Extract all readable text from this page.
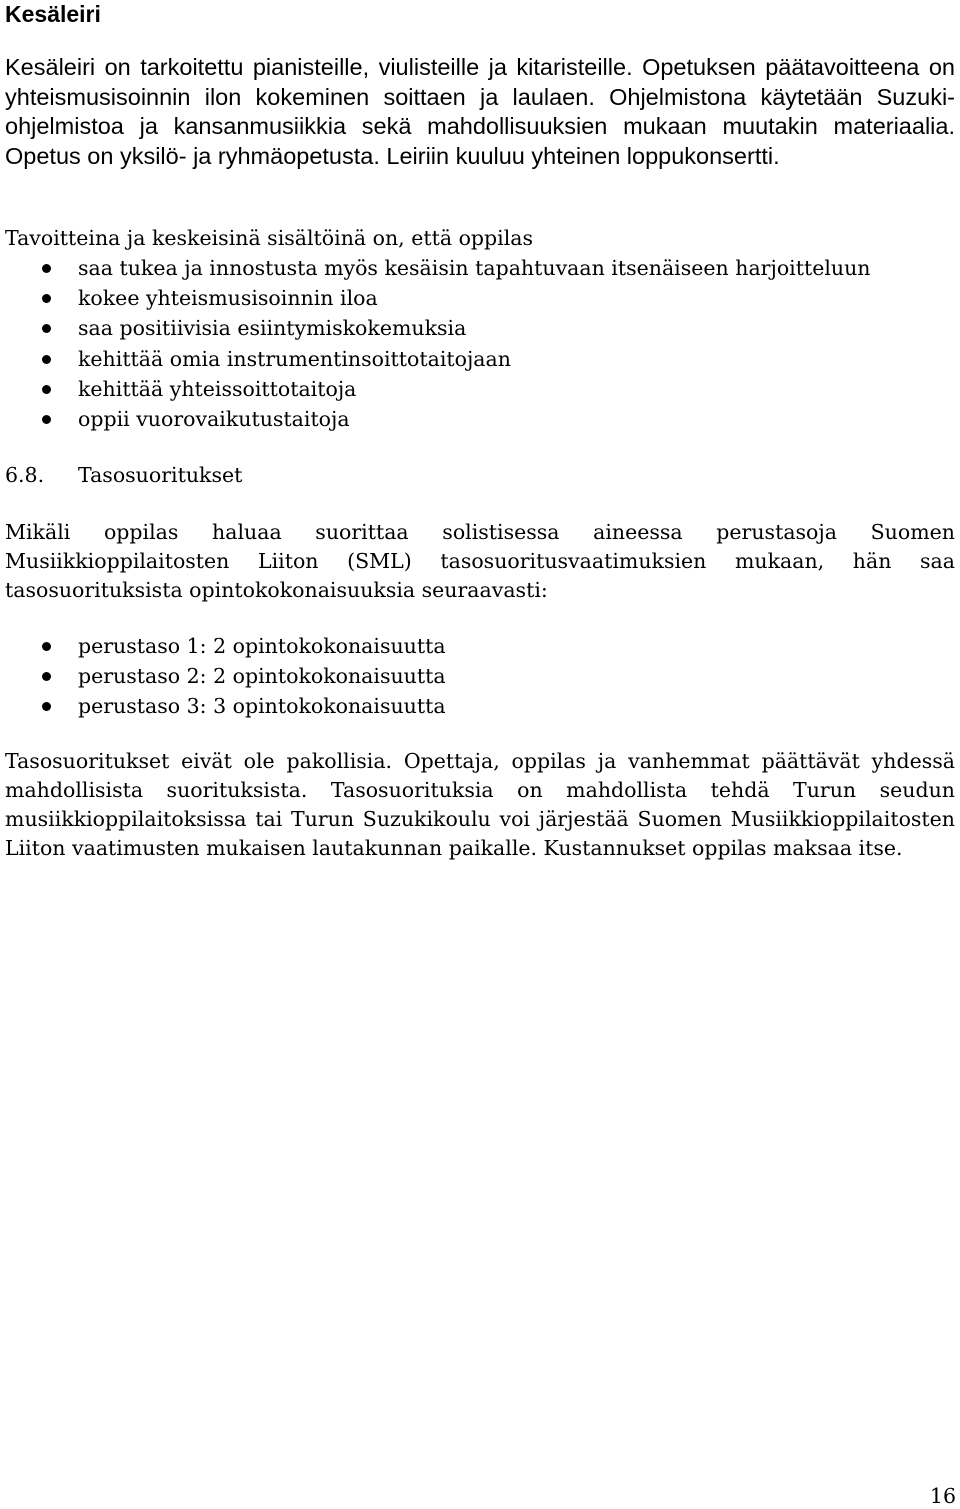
Kesäleiri

Kesäleiri on tarkoitettu pianisteille, viulisteille ja kitaristeille. Opetuksen päätavoitteena on yhteismusisoinnin ilon kokeminen soittaen ja laulaen. Ohjelmistona käytetään Suzuki-ohjelmistoa ja kansanmusiikkia sekä mahdollisuuksien mukaan muutakin materiaalia. Opetus on yksilö- ja ryhmäopetusta. Leiriin kuuluu yhteinen loppukonsertti.

Tavoitteina ja keskeisinä sisältöinä on, että oppilas
saa tukea ja innostusta myös kesäisin tapahtuvaan itsenäiseen harjoitteluun
kokee yhteismusisoinnin iloa
saa positiivisia esiintymiskokemuksia
kehittää omia instrumentinsoittotaitojaan
kehittää yhteissoittotaitoja
oppii vuorovaikutustaitoja
6.8. Tasosuoritukset

Mikäli oppilas haluaa suorittaa solistisessa aineessa perustasoja Suomen Musiikkioppilaitosten Liiton (SML) tasosuoritusvaatimuksien mukaan, hän saa tasosuorituksista opintokokonaisuuksia seuraavasti:

perustaso 1: 2 opintokokonaisuutta
perustaso 2: 2 opintokokonaisuutta
perustaso 3: 3 opintokokonaisuutta

Tasosuoritukset eivät ole pakollisia. Opettaja, oppilas ja vanhemmat päättävät yhdessä mahdollisista suorituksista. Tasosuorituksia on mahdollista tehdä Turun seudun musiikkioppilaitoksissa tai Turun Suzukikoulu voi järjestää Suomen Musiikkioppilaitosten Liiton vaatimusten mukaisen lautakunnan paikalle. Kustannukset oppilas maksaa itse.

16
